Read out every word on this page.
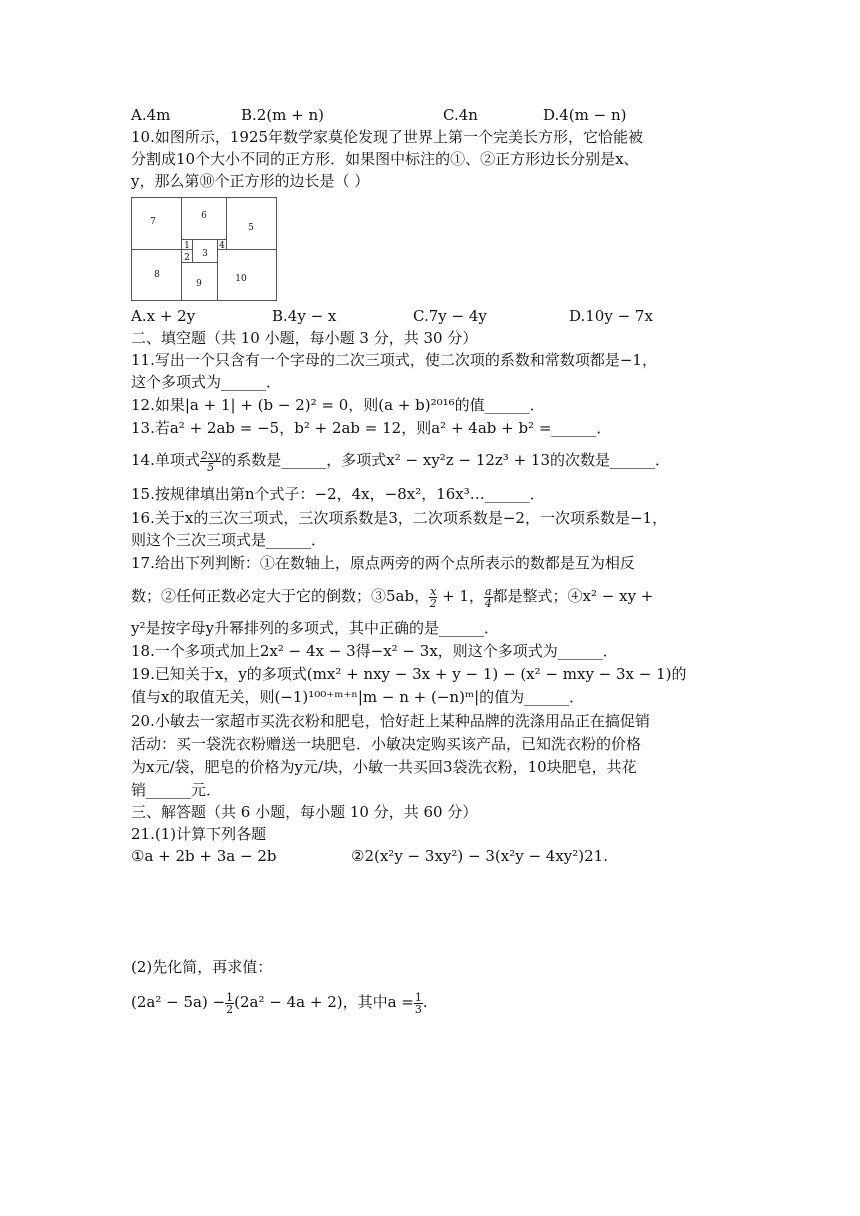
A.4m	B.2(m + n)	C.4n	D.4(m − n)
10.如图所示，1925年数学家莫伦发现了世界上第一个完美长方形，它恰能被
分割成10个大小不同的正方形．如果图中标注的①、②正方形边长分别是x、
y，那么第⑩个正方形的边长是（ ）
7
6
5
1	4
2 3
8
9	10
A.x + 2y	B.4y − x	C.7y − 4y	D.10y − 7x
二、填空题（共 10 小题，每小题 3 分，共 30 分）
11.写出一个只含有一个字母的二次三项式，使二次项的系数和常数项都是−1，
这个多项式为______．
12.如果|a + 1| + (b − 2)² = 0，则(a + b)²⁰¹⁶的值______．
13.若a² + 2ab = −5，b² + 2ab = 12，则a² + 4ab + b² =______．
14.单项式 $\frac{2xy}{5}$ 的系数是______，多项式x² − xy²z − 12z³ + 13的次数是______．
15.按规律填出第n个式子：−2，4x，−8x²，16x³…______．
16.关于x的三次三项式，三次项系数是3，二次项系数是−2，一次项系数是−1，
则这个三次三项式是______．
17.给出下列判断：①在数轴上，原点两旁的两个点所表示的数都是互为相反
数；②任何正数必定大于它的倒数；③5ab， $\frac{x}{2} + 1$， $\frac{a}{4}$ 都是整式；④x² − xy +
y²是按字母y升幂排列的多项式，其中正确的是______．
18.一个多项式加上2x² − 4x − 3得−x² − 3x，则这个多项式为______．
19.已知关于x，y的多项式(mx² + nxy − 3x + y − 1) − (x² − mxy − 3x − 1)的
值与x的取值无关，则(−1)¹⁰⁰⁺ᵐ⁺ⁿ|m − n + (−n)ᵐ|的值为______．
20.小敏去一家超市买洗衣粉和肥皂，恰好赶上某种品牌的洗涤用品正在搞促销
活动：买一袋洗衣粉赠送一块肥皂．小敏决定购买该产品，已知洗衣粉的价格
为x元/袋，肥皂的价格为y元/块，小敏一共买回3袋洗衣粉，10块肥皂，共花
销______元．
三、解答题（共 6 小题，每小题 10 分，共 60 分）
21.(1)计算下列各题
①a + 2b + 3a − 2b	②2(x²y − 3xy²) − 3(x²y − 4xy²)21.
(2)先化简，再求值：
$(2a^2 - 5a) - \frac{1}{2} (2a^2 - 4a + 2)$，其中$a = \frac{1}{3}$ .
